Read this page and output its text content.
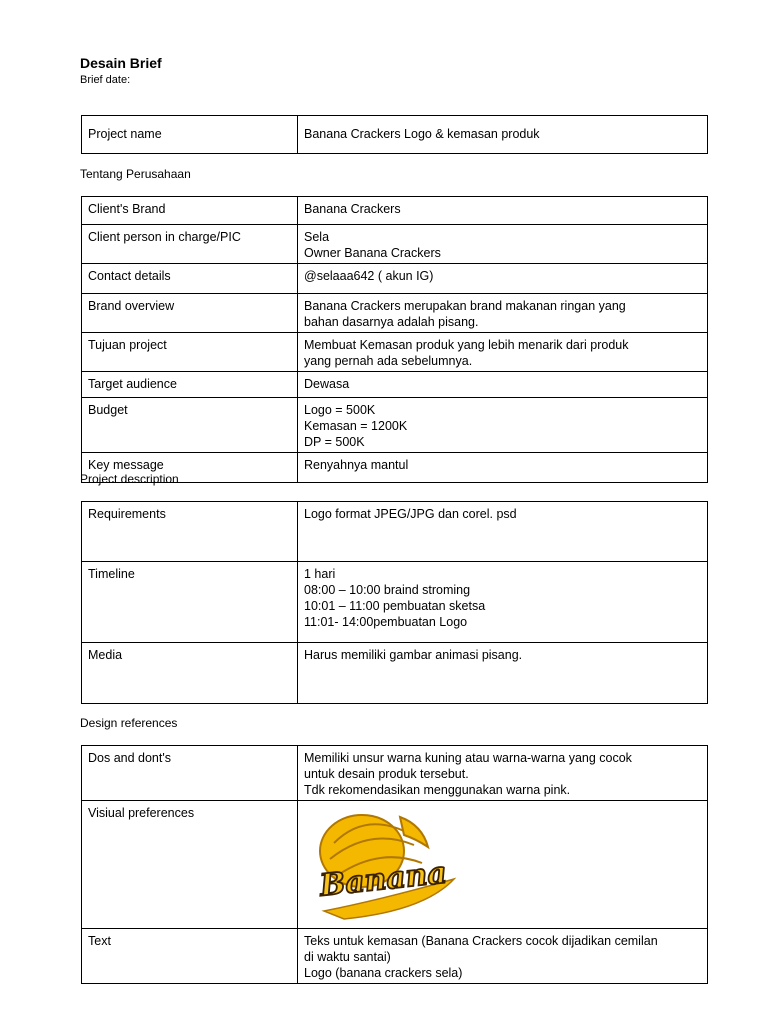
Desain Brief
Brief date:
Project name	Banana Crackers Logo & kemasan produk
Tentang Perusahaan
Client's Brand	Banana Crackers

Client person in charge/PIC	Sela
Owner Banana Crackers

Contact details	@selaaa642 ( akun IG)

Brand overview	Banana Crackers merupakan brand makanan ringan yang
bahan dasarnya adalah pisang.

Tujuan project	Membuat Kemasan produk yang lebih menarik dari produk
yang pernah ada sebelumnya.

Target audience	Dewasa

Budget	Logo = 500K
Kemasan = 1200K
DP = 500K

Key message	Renyahnya mantul
Project description
Requirements	Logo format JPEG/JPG dan corel. psd

Timeline	1 hari
08:00 – 10:00 braind stroming
10:01 – 11:00 pembuatan sketsa
11:01- 14:00pembuatan Logo

Media	Harus memiliki gambar animasi pisang.
Design references
Dos and dont's	Memiliki unsur warna kuning atau warna-warna yang cocok
untuk desain produk tersebut.
Tdk rekomendasikan menggunakan warna pink.

Visiual preferences	Banana

Text	Teks untuk kemasan (Banana Crackers cocok dijadikan cemilan
di waktu santai)
Logo (banana crackers sela)
